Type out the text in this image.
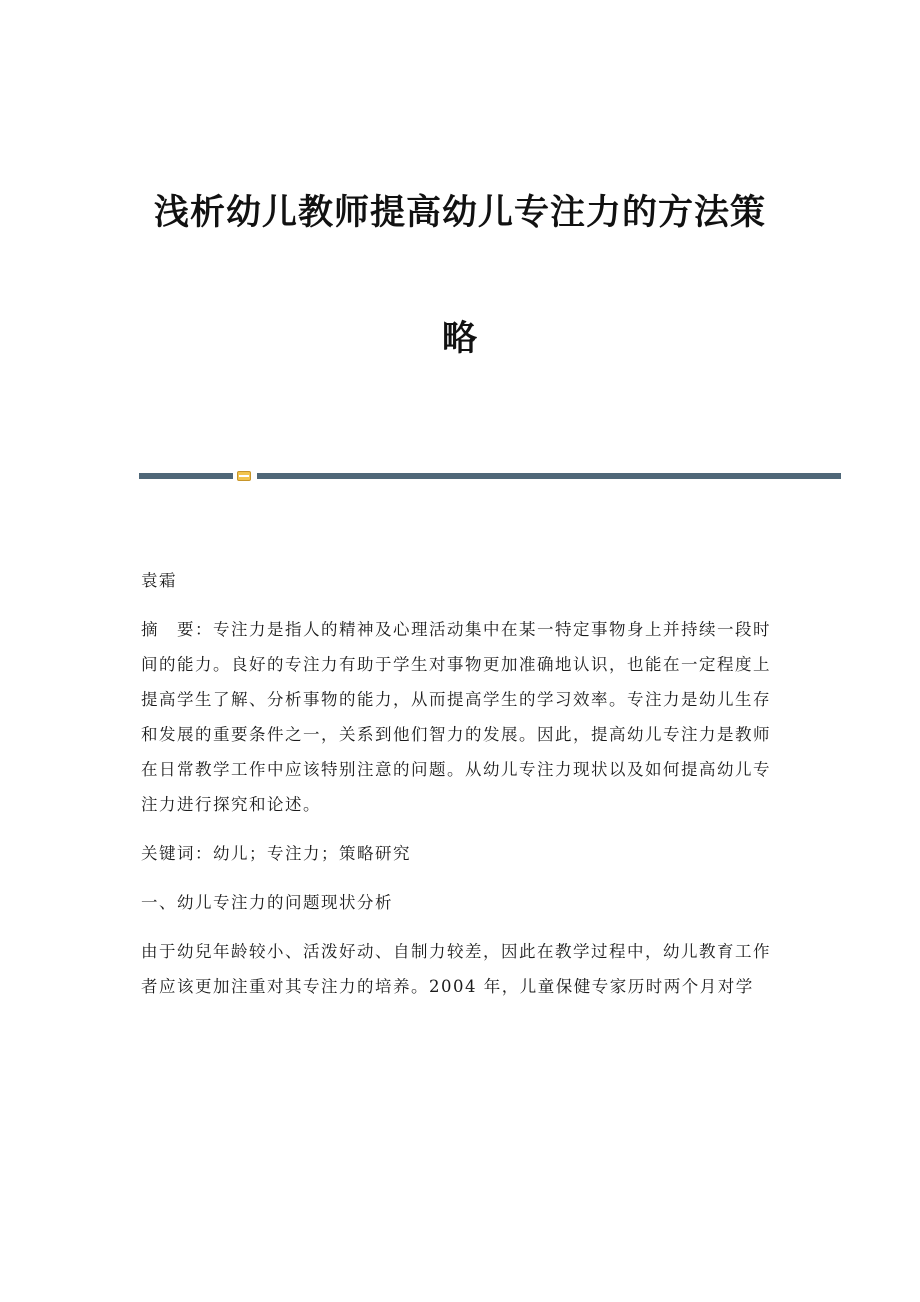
浅析幼儿教师提高幼儿专注力的方法策
略

袁霜

摘　要：专注力是指人的精神及心理活动集中在某一特定事物身上并持续一段时间的能力。良好的专注力有助于学生对事物更加准确地认识，也能在一定程度上提高学生了解、分析事物的能力，从而提高学生的学习效率。专注力是幼儿生存和发展的重要条件之一，关系到他们智力的发展。因此，提高幼儿专注力是教师在日常教学工作中应该特别注意的问题。从幼儿专注力现状以及如何提高幼儿专注力进行探究和论述。

关键词：幼儿；专注力；策略研究

一、幼儿专注力的问题现状分析

由于幼兒年龄较小、活泼好动、自制力较差，因此在教学过程中，幼儿教育工作者应该更加注重对其专注力的培养。2004 年，儿童保健专家历时两个月对学
